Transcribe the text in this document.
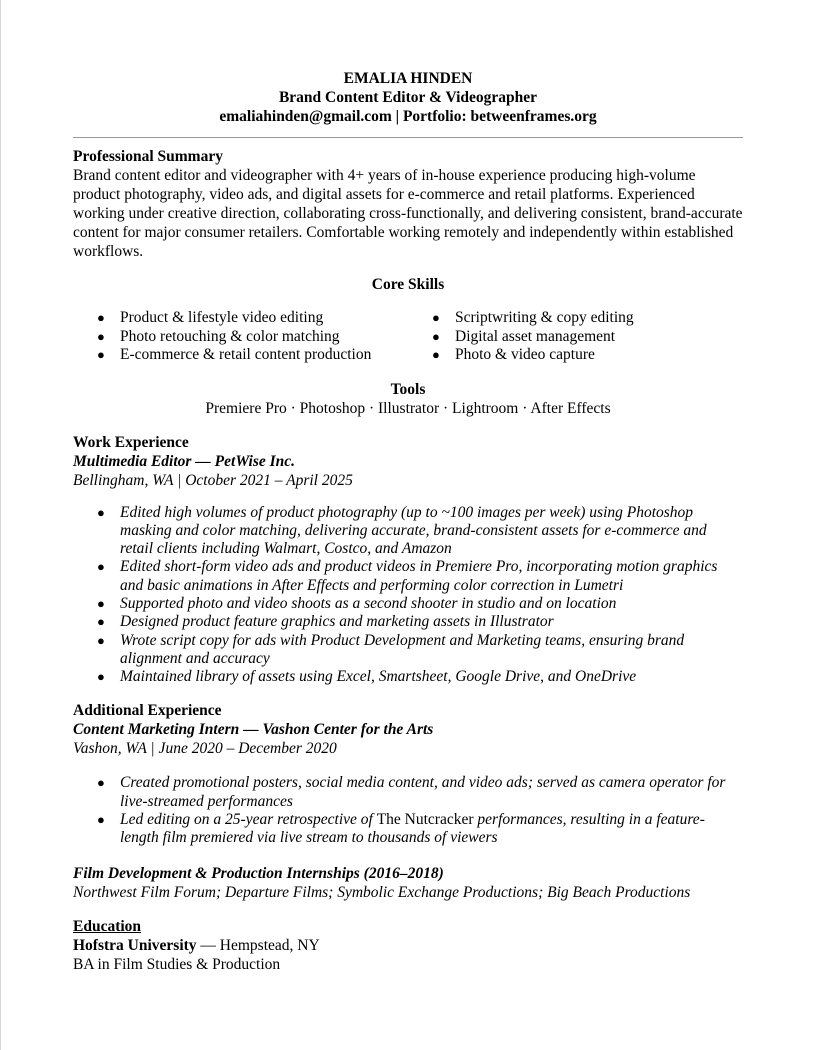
EMALIA HINDEN
Brand Content Editor & Videographer
emaliahinden@gmail.com | Portfolio: betweenframes.org
Professional Summary
Brand content editor and videographer with 4+ years of in-house experience producing high-volume product photography, video ads, and digital assets for e-commerce and retail platforms. Experienced working under creative direction, collaborating cross-functionally, and delivering consistent, brand-accurate content for major consumer retailers. Comfortable working remotely and independently within established workflows.
Core Skills
● Product & lifestyle video editing
● Photo retouching & color matching
● E-commerce & retail content production
● Scriptwriting & copy editing
● Digital asset management
● Photo & video capture
Tools
Premiere Pro · Photoshop · Illustrator · Lightroom · After Effects
Work Experience
Multimedia Editor — PetWise Inc.
Bellingham, WA | October 2021 – April 2025
● Edited high volumes of product photography (up to ~100 images per week) using Photoshop masking and color matching, delivering accurate, brand-consistent assets for e-commerce and retail clients including Walmart, Costco, and Amazon
● Edited short-form video ads and product videos in Premiere Pro, incorporating motion graphics and basic animations in After Effects and performing color correction in Lumetri
● Supported photo and video shoots as a second shooter in studio and on location
● Designed product feature graphics and marketing assets in Illustrator
● Wrote script copy for ads with Product Development and Marketing teams, ensuring brand alignment and accuracy
● Maintained library of assets using Excel, Smartsheet, Google Drive, and OneDrive
Additional Experience
Content Marketing Intern — Vashon Center for the Arts
Vashon, WA | June 2020 – December 2020
● Created promotional posters, social media content, and video ads; served as camera operator for live-streamed performances
● Led editing on a 25-year retrospective of The Nutcracker performances, resulting in a feature-length film premiered via live stream to thousands of viewers
Film Development & Production Internships (2016–2018)
Northwest Film Forum; Departure Films; Symbolic Exchange Productions; Big Beach Productions
Education
Hofstra University — Hempstead, NY
BA in Film Studies & Production
